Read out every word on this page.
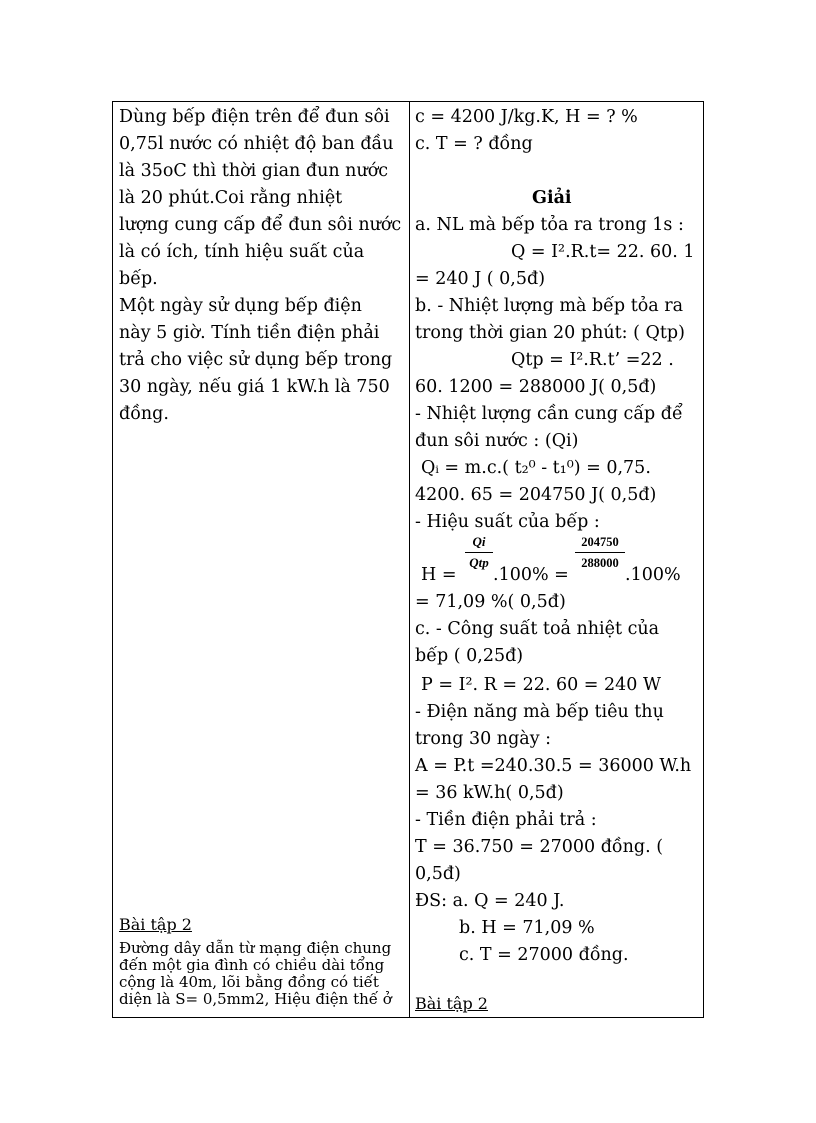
Dùng bếp điện trên để đun sôi
0,75l nước có nhiệt độ ban đầu
là 35oC thì thời gian đun nước
là 20 phút.Coi rằng nhiệt
lượng cung cấp để đun sôi nước
là có ích, tính hiệu suất của
bếp.
Một ngày sử dụng bếp điện
này 5 giờ. Tính tiền điện phải
trả cho việc sử dụng bếp trong
30 ngày, nếu giá 1 kW.h là 750
đồng.
Bài tập 2
Đường dây dẫn từ mạng điện chung
đến một gia đình có chiều dài tổng
cộng là 40m, lõi bằng đồng có tiết
diện là S= 0,5mm2, Hiệu điện thế ở
c = 4200 J/kg.K, H = ? %
c. T = ? đồng
Giải
a. NL mà bếp tỏa ra trong 1s :
Q = I².R.t= 22. 60. 1
= 240 J ( 0,5đ)
b. - Nhiệt lượng mà bếp tỏa ra
trong thời gian 20 phút: ( Qtp)
Qtp = I².R.t’ =22 .
60. 1200 = 288000 J( 0,5đ)
- Nhiệt lượng cần cung cấp để
đun sôi nước : (Qi)
Qᵢ = m.c.( t₂⁰ - t₁⁰) = 0,75.
4200. 65 = 204750 J( 0,5đ)
- Hiệu suất của bếp :
H =
Qi
Qtp
.100% =
204750
288000
.100%
= 71,09 %( 0,5đ)
c. - Công suất toả nhiệt của
bếp ( 0,25đ)
P = I². R = 22. 60 = 240 W
- Điện năng mà bếp tiêu thụ
trong 30 ngày :
A = P.t =240.30.5 = 36000 W.h
= 36 kW.h( 0,5đ)
- Tiền điện phải trả :
T = 36.750 = 27000 đồng. (
0,5đ)
ĐS: a. Q = 240 J.
b. H = 71,09 %
c. T = 27000 đồng.
Bài tập 2
